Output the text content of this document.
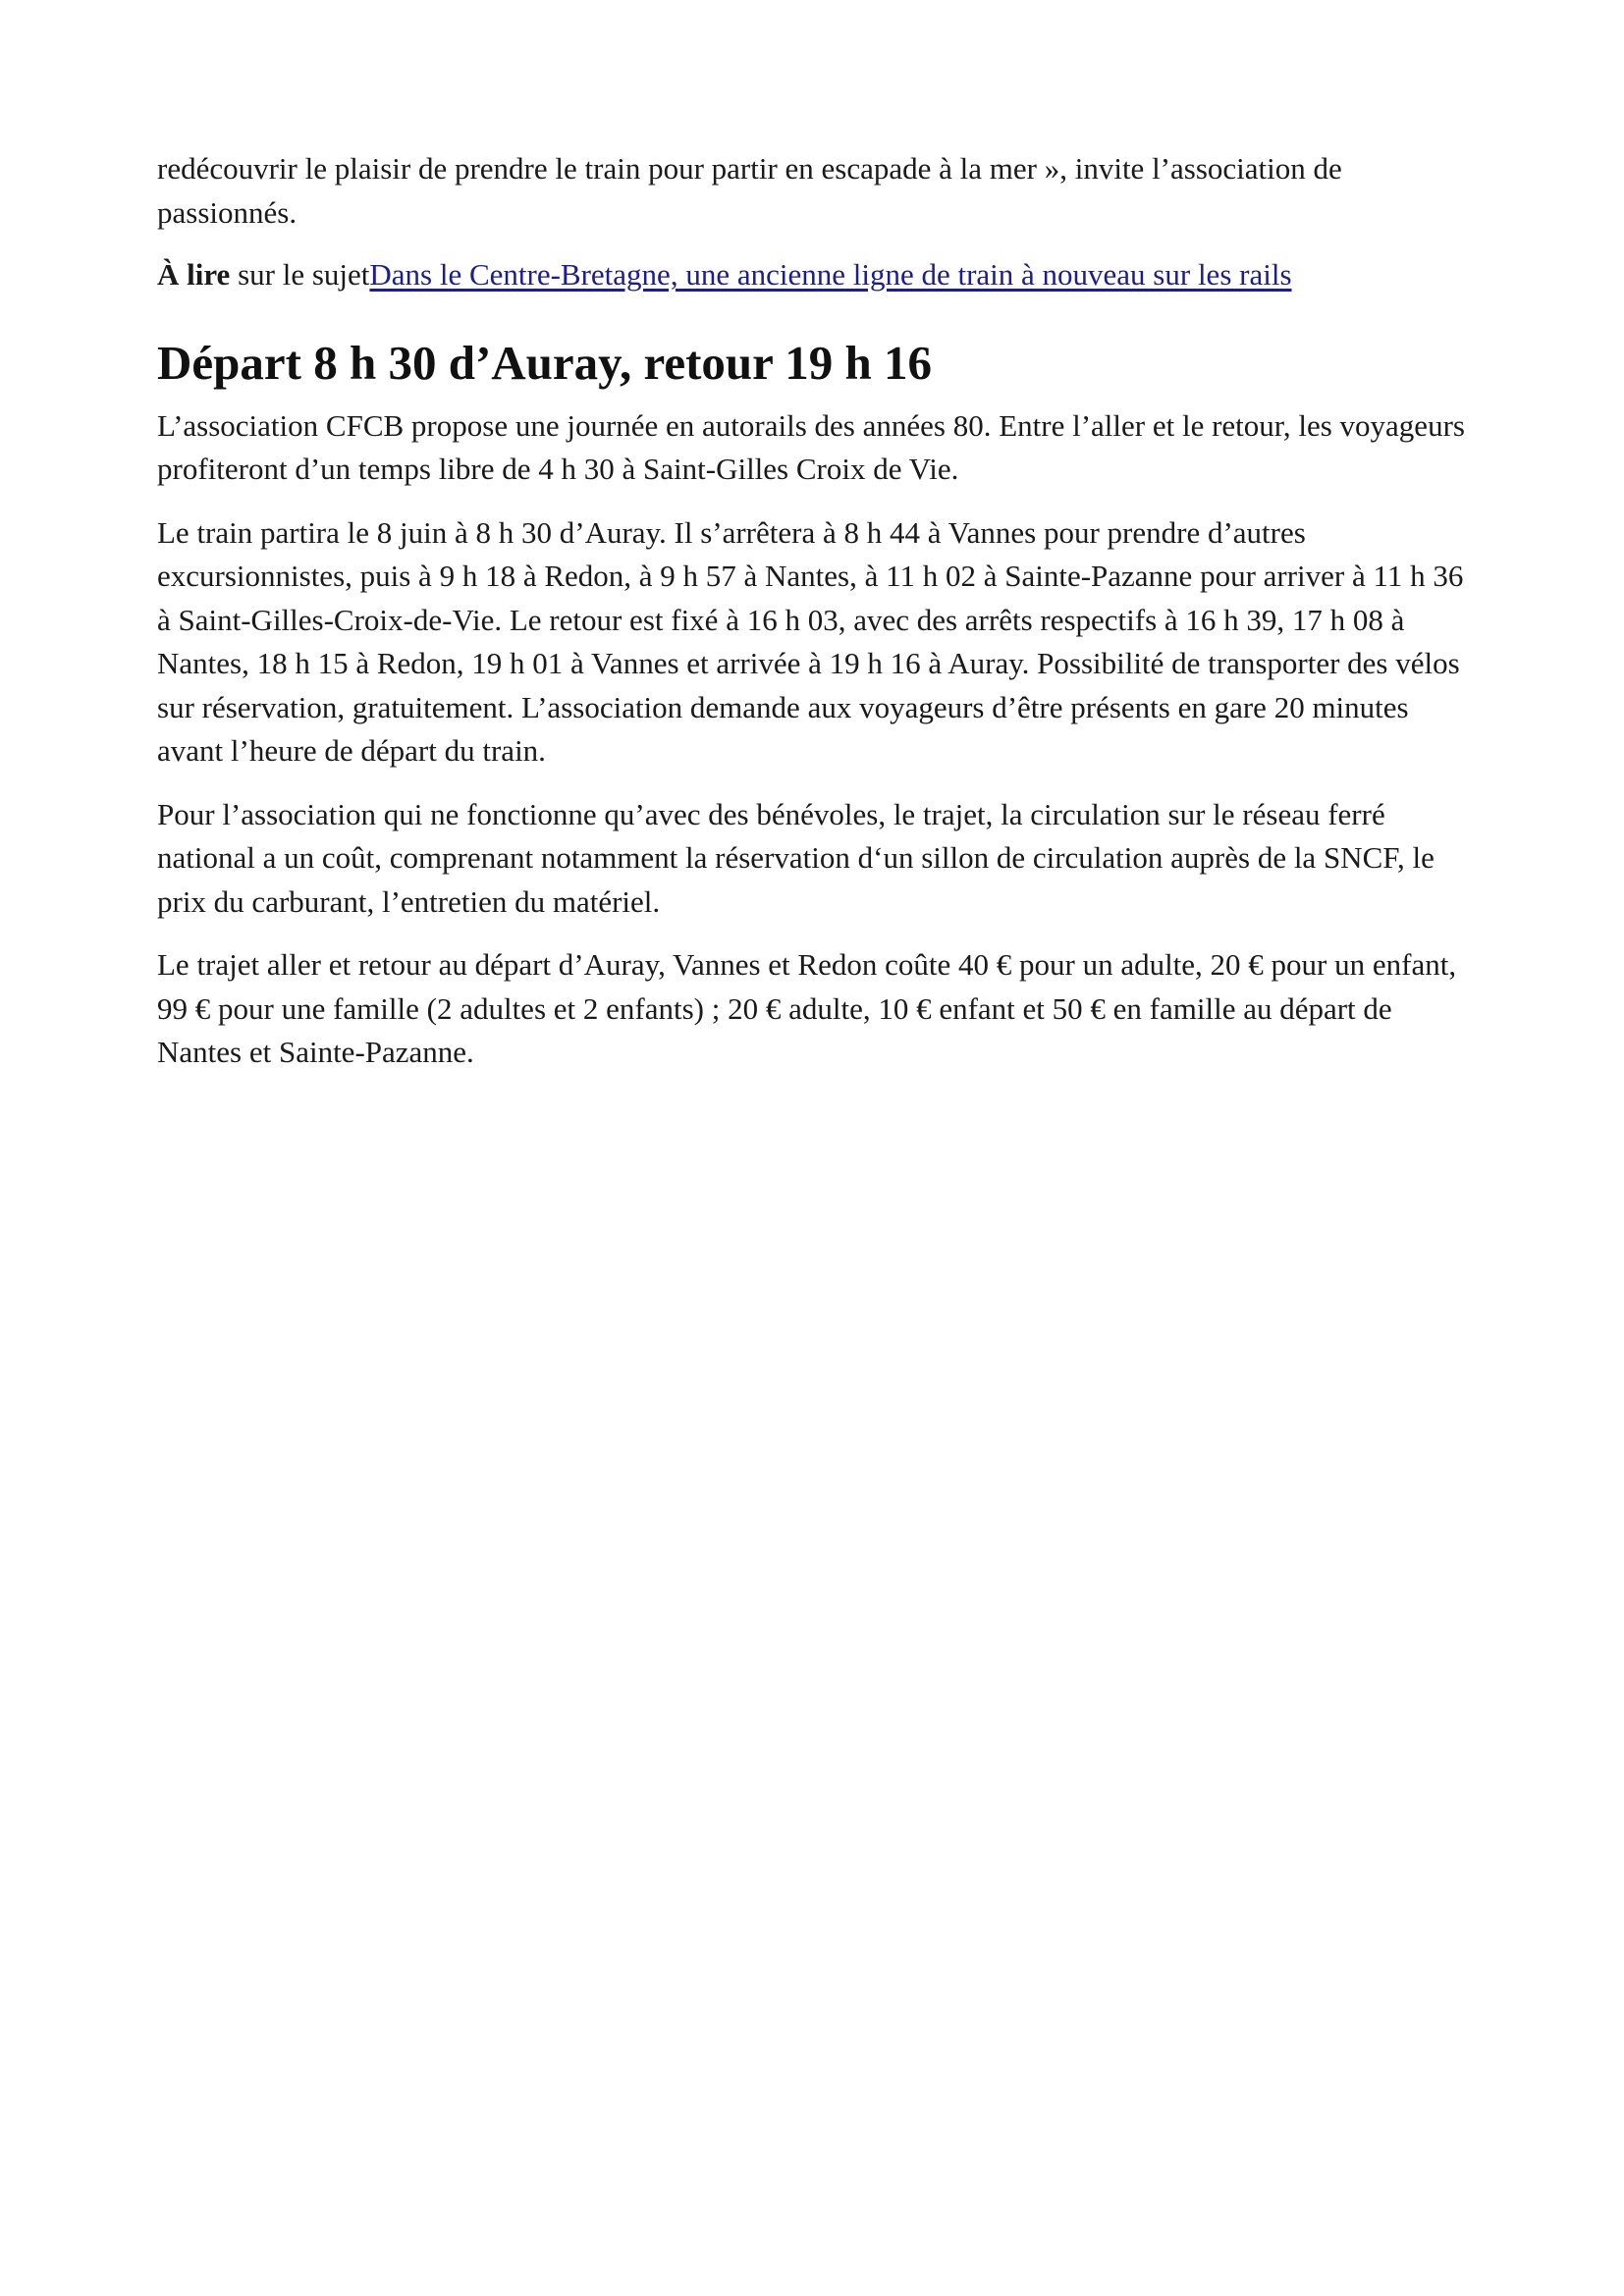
redécouvrir le plaisir de prendre le train pour partir en escapade à la mer », invite l’association de passionnés.

À lire sur le sujetDans le Centre-Bretagne, une ancienne ligne de train à nouveau sur les rails

Départ 8 h 30 d’Auray, retour 19 h 16

L’association CFCB propose une journée en autorails des années 80. Entre l’aller et le retour, les voyageurs profiteront d’un temps libre de 4 h 30 à Saint-Gilles Croix de Vie.

Le train partira le 8 juin à 8 h 30 d’Auray. Il s’arrêtera à 8 h 44 à Vannes pour prendre d’autres excursionnistes, puis à 9 h 18 à Redon, à 9 h 57 à Nantes, à 11 h 02 à Sainte-Pazanne pour arriver à 11 h 36 à Saint-Gilles-Croix-de-Vie. Le retour est fixé à 16 h 03, avec des arrêts respectifs à 16 h 39, 17 h 08 à Nantes, 18 h 15 à Redon, 19 h 01 à Vannes et arrivée à 19 h 16 à Auray. Possibilité de transporter des vélos sur réservation, gratuitement. L’association demande aux voyageurs d’être présents en gare 20 minutes avant l’heure de départ du train.

Pour l’association qui ne fonctionne qu’avec des bénévoles, le trajet, la circulation sur le réseau ferré national a un coût, comprenant notamment la réservation d‘un sillon de circulation auprès de la SNCF, le prix du carburant, l’entretien du matériel.

Le trajet aller et retour au départ d’Auray, Vannes et Redon coûte 40 € pour un adulte, 20 € pour un enfant, 99 € pour une famille (2 adultes et 2 enfants) ; 20 € adulte, 10 € enfant et 50 € en famille au départ de Nantes et Sainte-Pazanne.
